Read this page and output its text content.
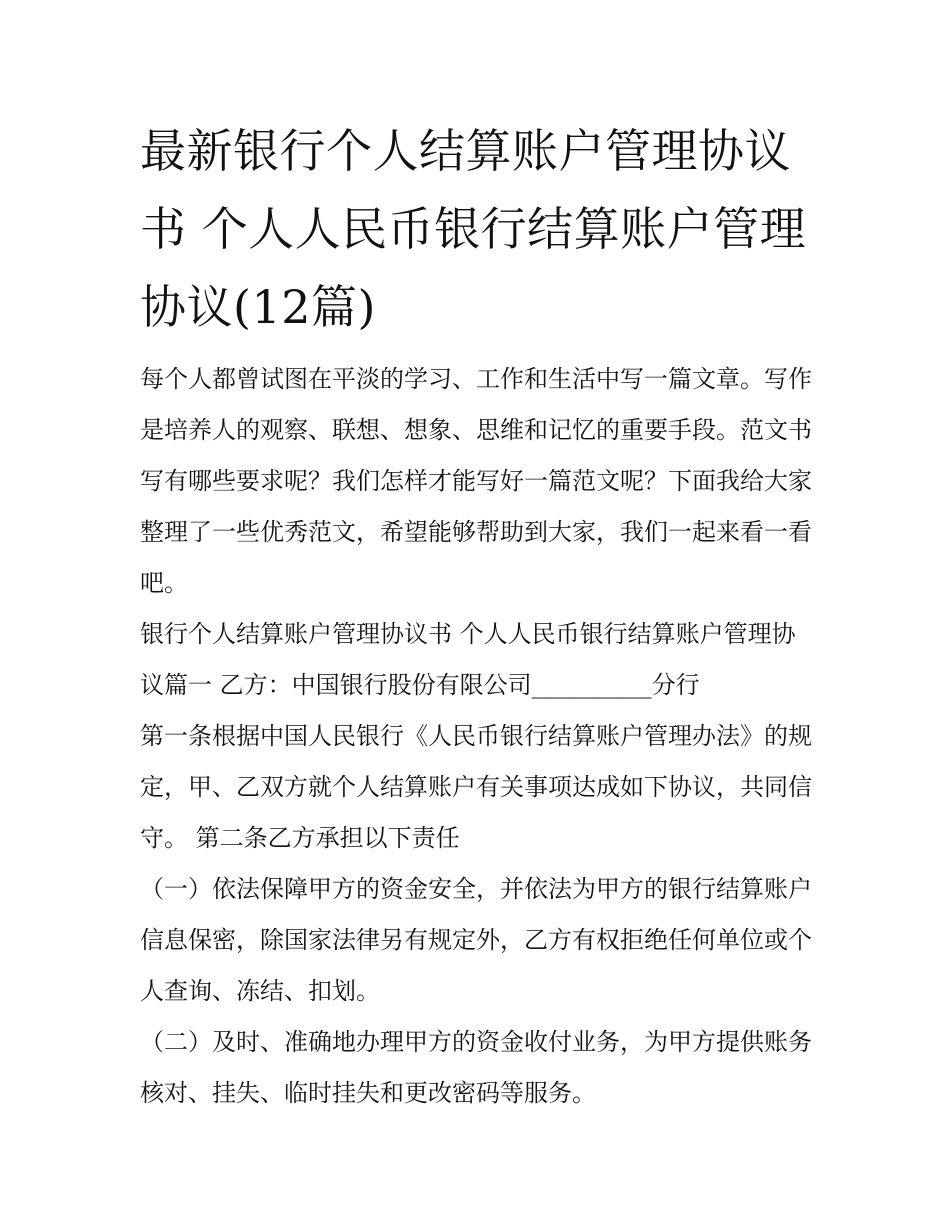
最新银行个人结算账户管理协议书 个人人民币银行结算账户管理协议(12篇)

每个人都曾试图在平淡的学习、工作和生活中写一篇文章。写作是培养人的观察、联想、想象、思维和记忆的重要手段。范文书写有哪些要求呢？我们怎样才能写好一篇范文呢？下面我给大家整理了一些优秀范文，希望能够帮助到大家，我们一起来看一看吧。

银行个人结算账户管理协议书 个人人民币银行结算账户管理协议篇一 乙方：中国银行股份有限公司__________分行

第一条根据中国人民银行《人民币银行结算账户管理办法》的规定，甲、乙双方就个人结算账户有关事项达成如下协议，共同信守。 第二条乙方承担以下责任

（一）依法保障甲方的资金安全，并依法为甲方的银行结算账户信息保密，除国家法律另有规定外，乙方有权拒绝任何单位或个人查询、冻结、扣划。

（二）及时、准确地办理甲方的资金收付业务，为甲方提供账务核对、挂失、临时挂失和更改密码等服务。
